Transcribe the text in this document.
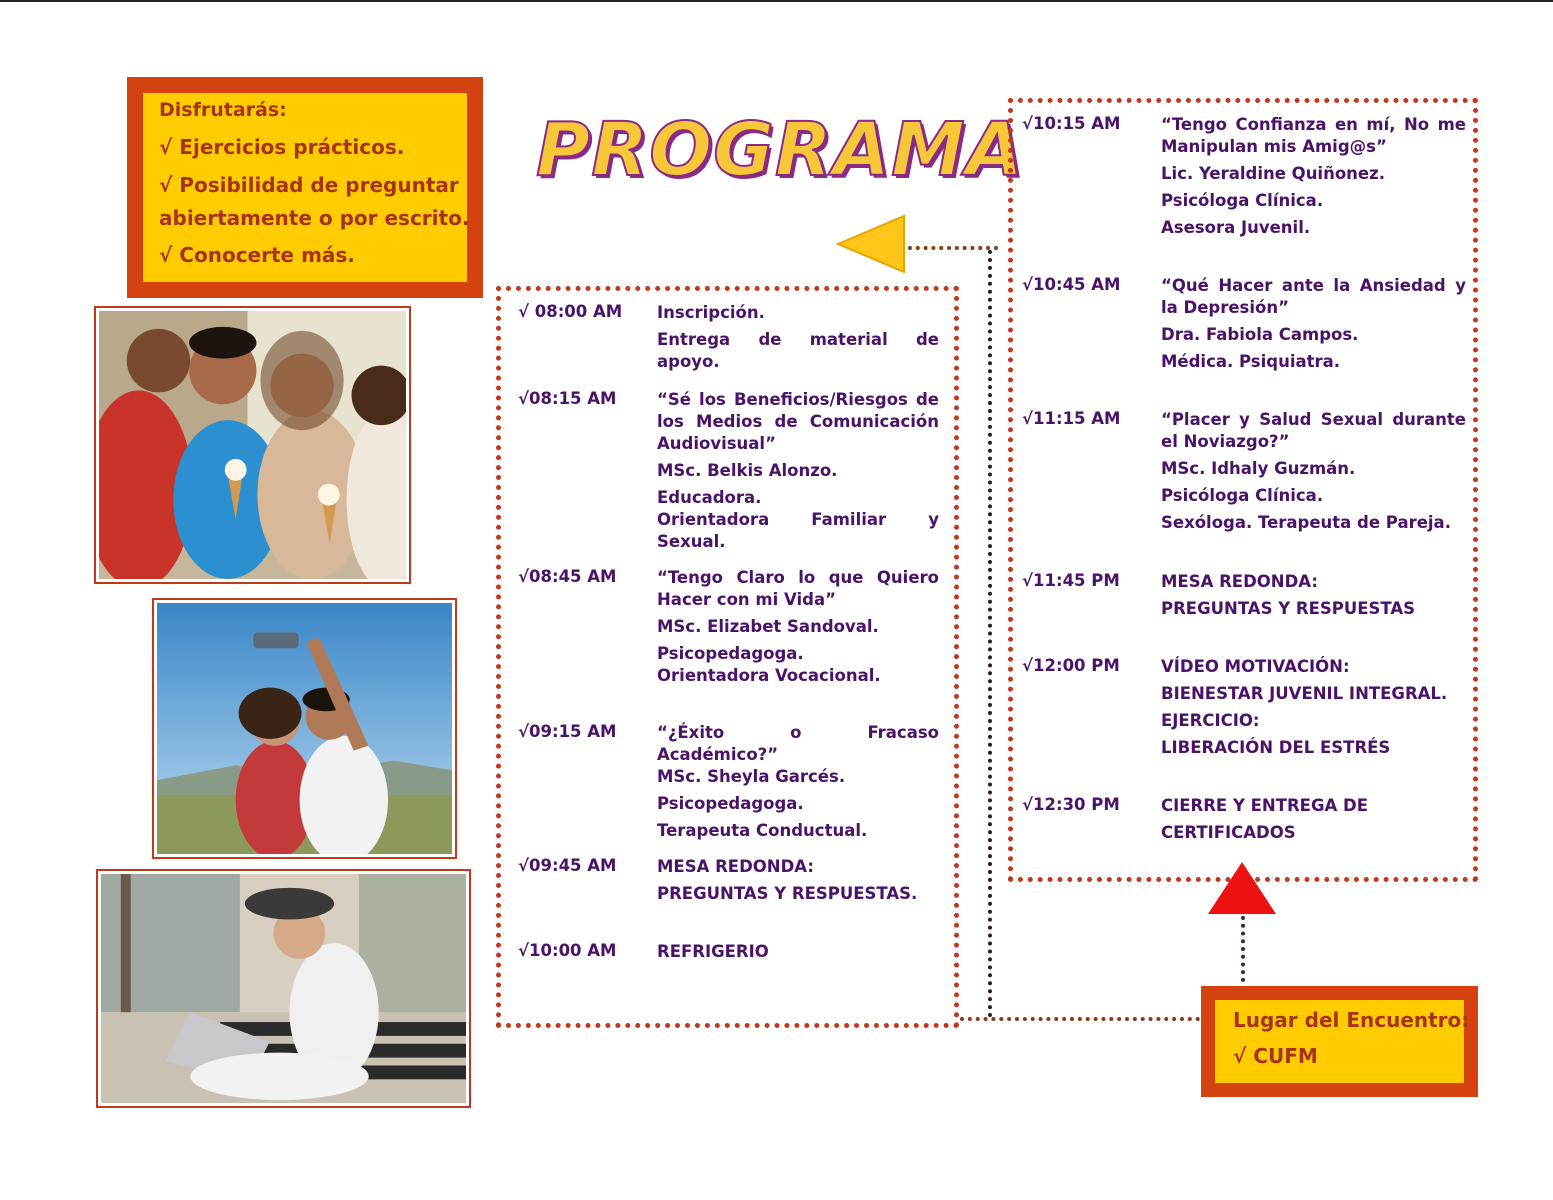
Disfrutarás:
√ Ejercicios prácticos.
√ Posibilidad de preguntar
abiertamente o por escrito.
√ Conocerte más.
PROGRAMA
√ 08:00 AM Inscripción.
Entrega de material de apoyo.
√08:15 AM “Sé los Beneficios/Riesgos de los Medios de Comunicación Audiovisual”
MSc. Belkis Alonzo.
Educadora.
Orientadora Familiar y Sexual.
√08:45 AM “Tengo Claro lo que Quiero Hacer con mi Vida”
MSc. Elizabet Sandoval.
Psicopedagoga.
Orientadora Vocacional.
√09:15 AM “¿Éxito o Fracaso Académico?”
MSc. Sheyla Garcés.
Psicopedagoga.
Terapeuta Conductual.
√09:45 AM MESA REDONDA:
PREGUNTAS Y RESPUESTAS.
√10:00 AM REFRIGERIO
√10:15 AM “Tengo Confianza en mí, No me Manipulan mis Amig@s”
Lic. Yeraldine Quiñonez.
Psicóloga Clínica.
Asesora Juvenil.
√10:45 AM “Qué Hacer ante la Ansiedad y la Depresión”
Dra. Fabiola Campos.
Médica. Psiquiatra.
√11:15 AM “Placer y Salud Sexual durante el Noviazgo?”
MSc. Idhaly Guzmán.
Psicóloga Clínica.
Sexóloga. Terapeuta de Pareja.
√11:45 PM MESA REDONDA:
PREGUNTAS Y RESPUESTAS
√12:00 PM VÍDEO MOTIVACIÓN:
BIENESTAR JUVENIL INTEGRAL.
EJERCICIO:
LIBERACIÓN DEL ESTRÉS
√12:30 PM CIERRE Y ENTREGA DE
CERTIFICADOS
Lugar del Encuentro:
√ CUFM
